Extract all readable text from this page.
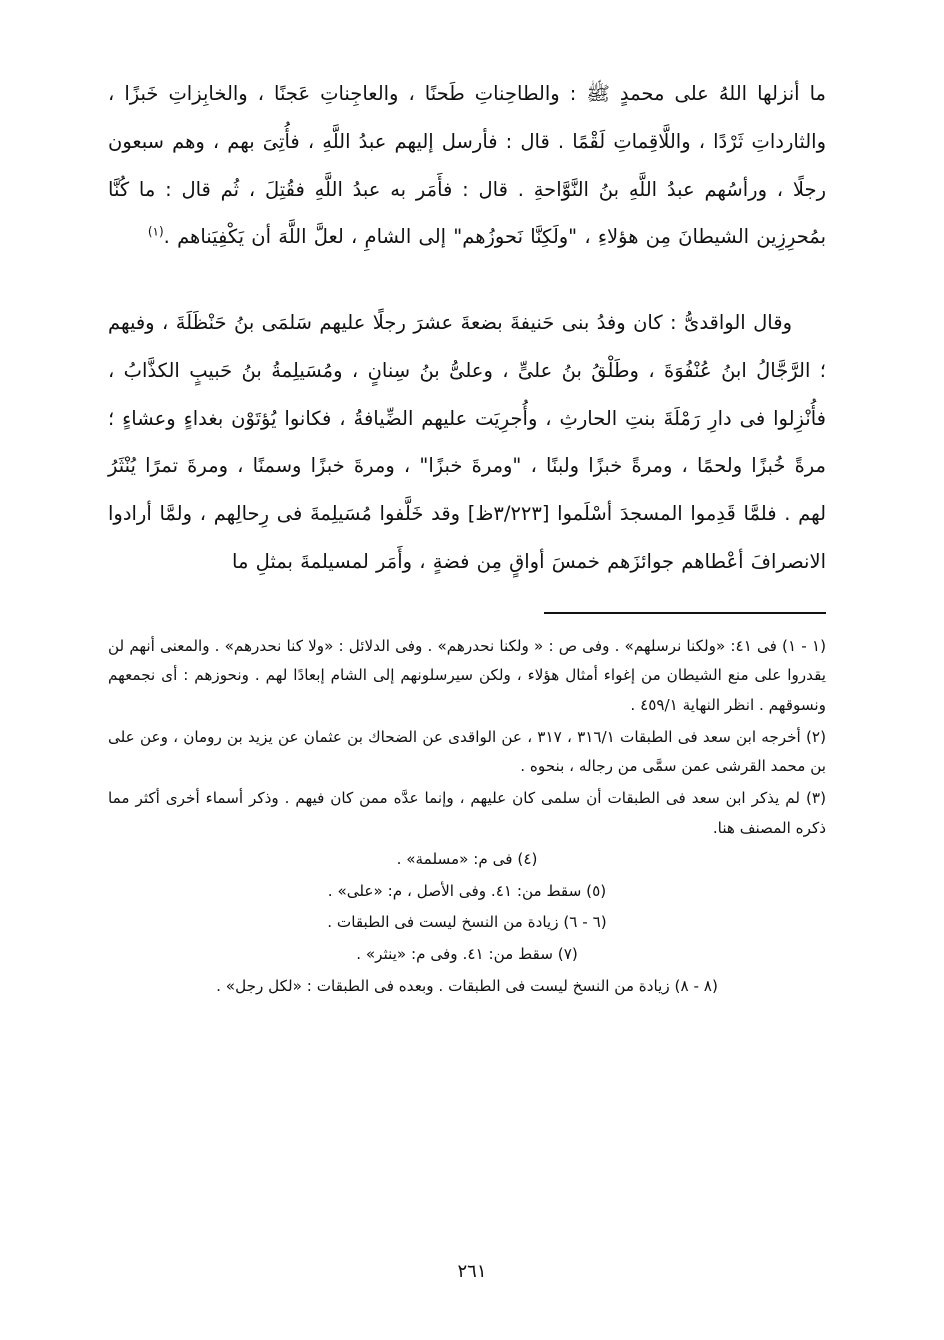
ما أنزلها اللهُ على محمدٍ ﷺ : والطاحِناتِ طَحنًا ، والعاجِناتِ عَجنًا ، والخابِزاتِ خَبزًا ، والثارداتِ ثَرْدًا ، واللَّاقِماتِ لَقْمًا . قال : فأرسل إليهم عبدُ اللَّهِ ، فأُتِىَ بهم ، وهم سبعون رجلًا ، ورأسُهم عبدُ اللَّهِ بنُ النَّوَّاحةِ . قال : فأَمَر به عبدُ اللَّهِ فقُتِلَ ، ثُم قال : ما كُنَّا بمُحرِزِين الشيطانَ مِن هؤلاءِ ، "ولَكِنَّا نَحوزُهم" إلى الشامِ ، لعلَّ اللَّهَ أن يَكْفِيَناهم .$^{(١)}$

وقال الواقدىُّ : كان وفدُ بنى حَنيفةَ بضعةَ عشرَ رجلًا عليهم سَلمَى بنُ حَنْظَلَةَ ، وفيهم ؛ الرَّجَّالُ ابنُ عُنْفُوَةَ ، وطَلْقُ بنُ علىٍّ ، وعلىُّ بنُ سِنانٍ ، ومُسَيلِمةُ بنُ حَبيبٍ الكذَّابُ ، فأُنْزِلوا فى دارِ رَمْلَةَ بنتِ الحارثِ ، وأُجرِيَت عليهم الضِّيافةُ ، فكانوا يُؤتَوْن بغداءٍ وعشاءٍ ؛ مرةً خُبزًا ولحمًا ، ومرةً خبزًا ولبنًا ، "ومرةَ خبزًا" ، ومرةَ خبزًا وسمنًا ، ومرةَ تمرًا يُنْثَرُ لهم . فلمَّا قَدِموا المسجدَ أسْلَموا [٣/٢٢٣ظ] وقد خَلَّفوا مُسَيلِمةَ فى رِحالِهم ، ولمَّا أرادوا الانصرافَ أعْطاهم جوائزَهم خمسَ أواقٍ مِن فضةٍ ، وأَمَر لمسيلمةَ بمثلِ ما

(١ - ١) فى ٤١: «ولكنا نرسلهم» . وفى ص : « ولكنا نحدرهم» . وفى الدلائل : «ولا كنا نحدرهم» . والمعنى أنهم لن يقدروا على منع الشيطان من إغواء أمثال هؤلاء ، ولكن سيرسلونهم إلى الشام إبعادًا لهم . ونحوزهم : أى نجمعهم ونسوقهم . انظر النهاية ٤٥٩/١ .

(٢) أخرجه ابن سعد فى الطبقات ٣١٦/١ ، ٣١٧ ، عن الواقدى عن الضحاك بن عثمان عن يزيد بن رومان ، وعن على بن محمد القرشى عمن سمَّى من رجاله ، بنحوه .

(٣) لم يذكر ابن سعد فى الطبقات أن سلمى كان عليهم ، وإنما عدَّه ممن كان فيهم . وذكر أسماء أخرى أكثر مما ذكره المصنف هنا.

(٤) فى م: «مسلمة» .

(٥) سقط من: ٤١. وفى الأصل ، م: «على» .

(٦ - ٦) زيادة من النسخ ليست فى الطبقات .

(٧) سقط من: ٤١. وفى م: «ينثر» .

(٨ - ٨) زيادة من النسخ ليست فى الطبقات . وبعده فى الطبقات : «لكل رجل» .

٢٦١
